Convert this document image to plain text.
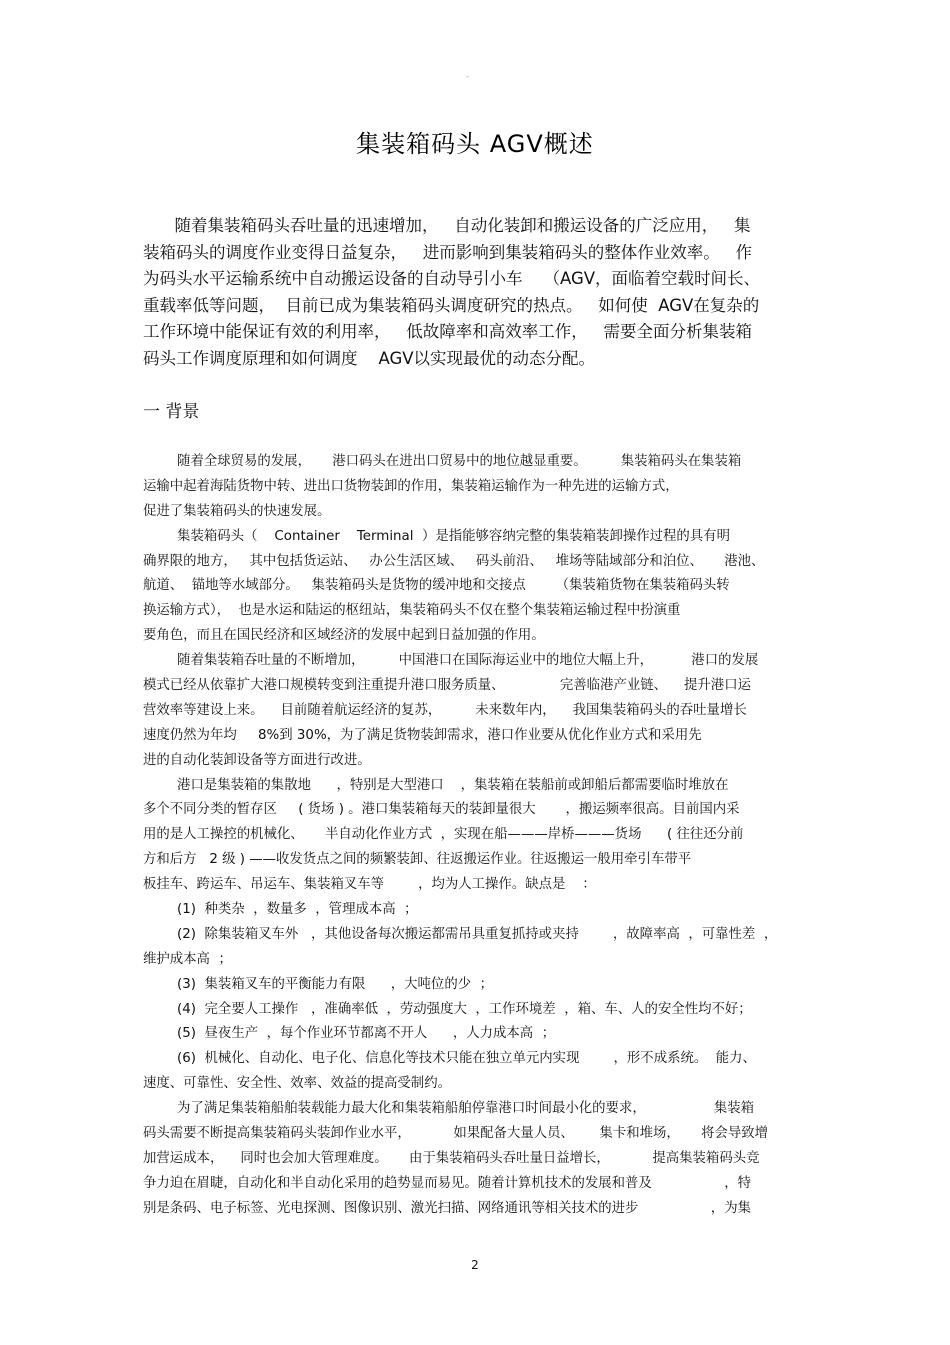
-
集装箱码头 AGV概述
随着集装箱码头吞吐量的迅速增加，   自动化装卸和搬运设备的广泛应用，   集
装箱码头的调度作业变得日益复杂，   进而影响到集装箱码头的整体作业效率。   作
为码头水平运输系统中自动搬运设备的自动导引小车    （AGV，面临着空载时间长、
重载率低等问题，  目前已成为集装箱码头调度研究的热点。   如何使  AGV在复杂的
工作环境中能保证有效的利用率，   低故障率和高效率工作，   需要全面分析集装箱
码头工作调度原理和如何调度    AGV以实现最优的动态分配。
一 背景
随着全球贸易的发展，     港口码头在进出口贸易中的地位越显重要。        集装箱码头在集装箱
运输中起着海陆货物中转、进出口货物装卸的作用，集装箱运输作为一种先进的运输方式，
促进了集装箱码头的快速发展。
集装箱码头（    Container    Terminal  ）是指能够容纳完整的集装箱装卸操作过程的具有明
确界限的地方，   其中包括货运站、   办公生活区域、   码头前沿、   堆场等陆域部分和泊位、     港池、
航道、  锚地等水域部分。   集装箱码头是货物的缓冲地和交接点       （集装箱货物在集装箱码头转
换运输方式），  也是水运和陆运的枢纽站，集装箱码头不仅在整个集装箱运输过程中扮演重
要角色，而且在国民经济和区域经济的发展中起到日益加强的作用。
随着集装箱吞吐量的不断增加，        中国港口在国际海运业中的地位大幅上升，         港口的发展
模式已经从依靠扩大港口规模转变到注重提升港口服务质量、             完善临港产业链、    提升港口运
营效率等建设上来。    目前随着航运经济的复苏，        未来数年内，    我国集装箱码头的吞吐量增长
速度仍然为年均     8%到 30%，为了满足货物装卸需求，港口作业要从优化作业方式和采用先
进的自动化装卸设备等方面进行改进。
港口是集装箱的集散地      ，特别是大型港口    ，集装箱在装船前或卸船后都需要临时堆放在
多个不同分类的暂存区     ( 货场 ) 。港口集装箱每天的装卸量很大       ，搬运频率很高。目前国内采
用的是人工操控的机械化、     半自动化作业方式  ，实现在船———岸桥———货场      ( 往往还分前
方和后方   2 级 ) ——收发货点之间的频繁装卸、往返搬运作业。往返搬运一般用牵引车带平
板挂车、跨运车、吊运车、集装箱叉车等        ，均为人工操作。缺点是    ：
(1)  种类杂  ，数量多  ，管理成本高  ；
(2)  除集装箱叉车外   ，其他设备每次搬运都需吊具重复抓持或夹持        ，故障率高  ，可靠性差  ，
维护成本高  ；
(3)  集装箱叉车的平衡能力有限      ，大吨位的少  ；
(4)  完全要人工操作   ，准确率低  ，劳动强度大  ，工作环境差  ，箱、车、人的安全性均不好；
(5)  昼夜生产  ，每个作业环节都离不开人      ，人力成本高  ；
(6)  机械化、自动化、电子化、信息化等技术只能在独立单元内实现        ，形不成系统。  能力、
速度、可靠性、安全性、效率、效益的提高受制约。
为了满足集装箱船舶装载能力最大化和集装箱船舶停靠港口时间最小化的要求，                集装箱
码头需要不断提高集装箱码头装卸作业水平，          如果配备大量人员、      集卡和堆场，     将会导致增
加营运成本，    同时也会加大管理难度。     由于集装箱码头吞吐量日益增长，          提高集装箱码头竞
争力迫在眉睫，自动化和半自动化采用的趋势显而易见。随着计算机技术的发展和普及                 ，特
别是条码、电子标签、光电探测、图像识别、激光扫描、网络通讯等相关技术的进步                 ，为集
2
